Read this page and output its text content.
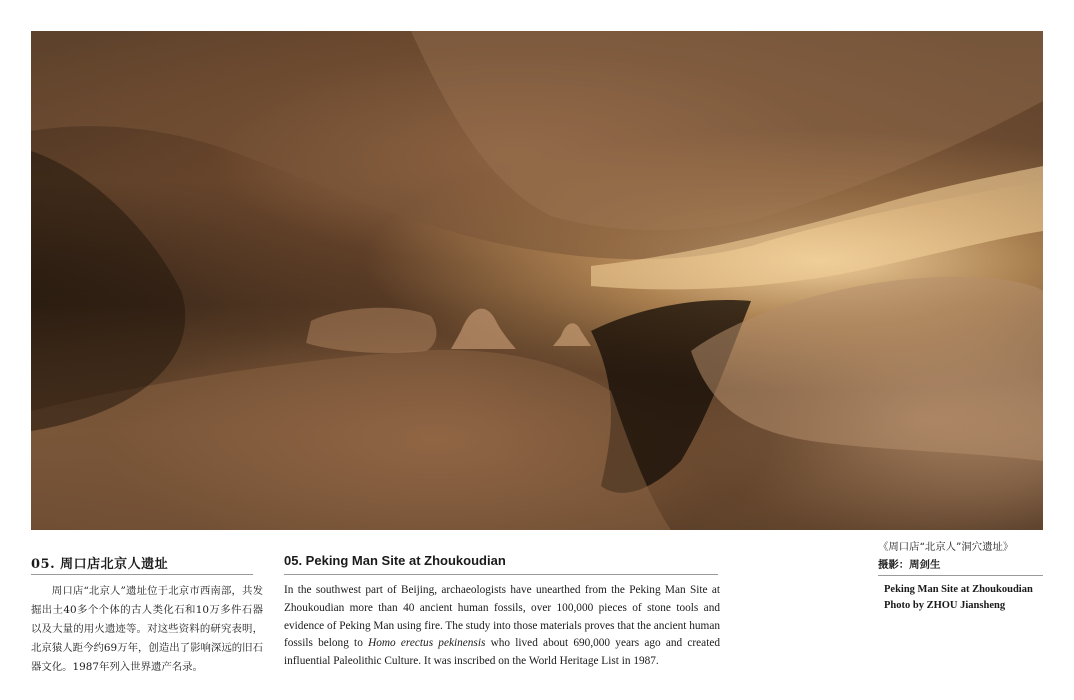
05. 周口店北京人遗址

周口店“北京人”遗址位于北京市西南部，共发掘出土40多个个体的古人类化石和10万多件石器以及大量的用火遗迹等。对这些资料的研究表明，北京猿人距今约69万年，创造出了影响深远的旧石器文化。1987年列入世界遗产名录。

05. Peking Man Site at Zhoukoudian

In the southwest part of Beijing, archaeologists have unearthed from the Peking Man Site at Zhoukoudian more than 40 ancient human fossils, over 100,000 pieces of stone tools and evidence of Peking Man using fire. The study into those materials proves that the ancient human fossils belong to Homo erectus pekinensis who lived about 690,000 years ago and created influential Paleolithic Culture. It was inscribed on the World Heritage List in 1987.

《周口店“北京人”洞穴遗址》
摄影：周剑生

Peking Man Site at Zhoukoudian
Photo by ZHOU Jiansheng
